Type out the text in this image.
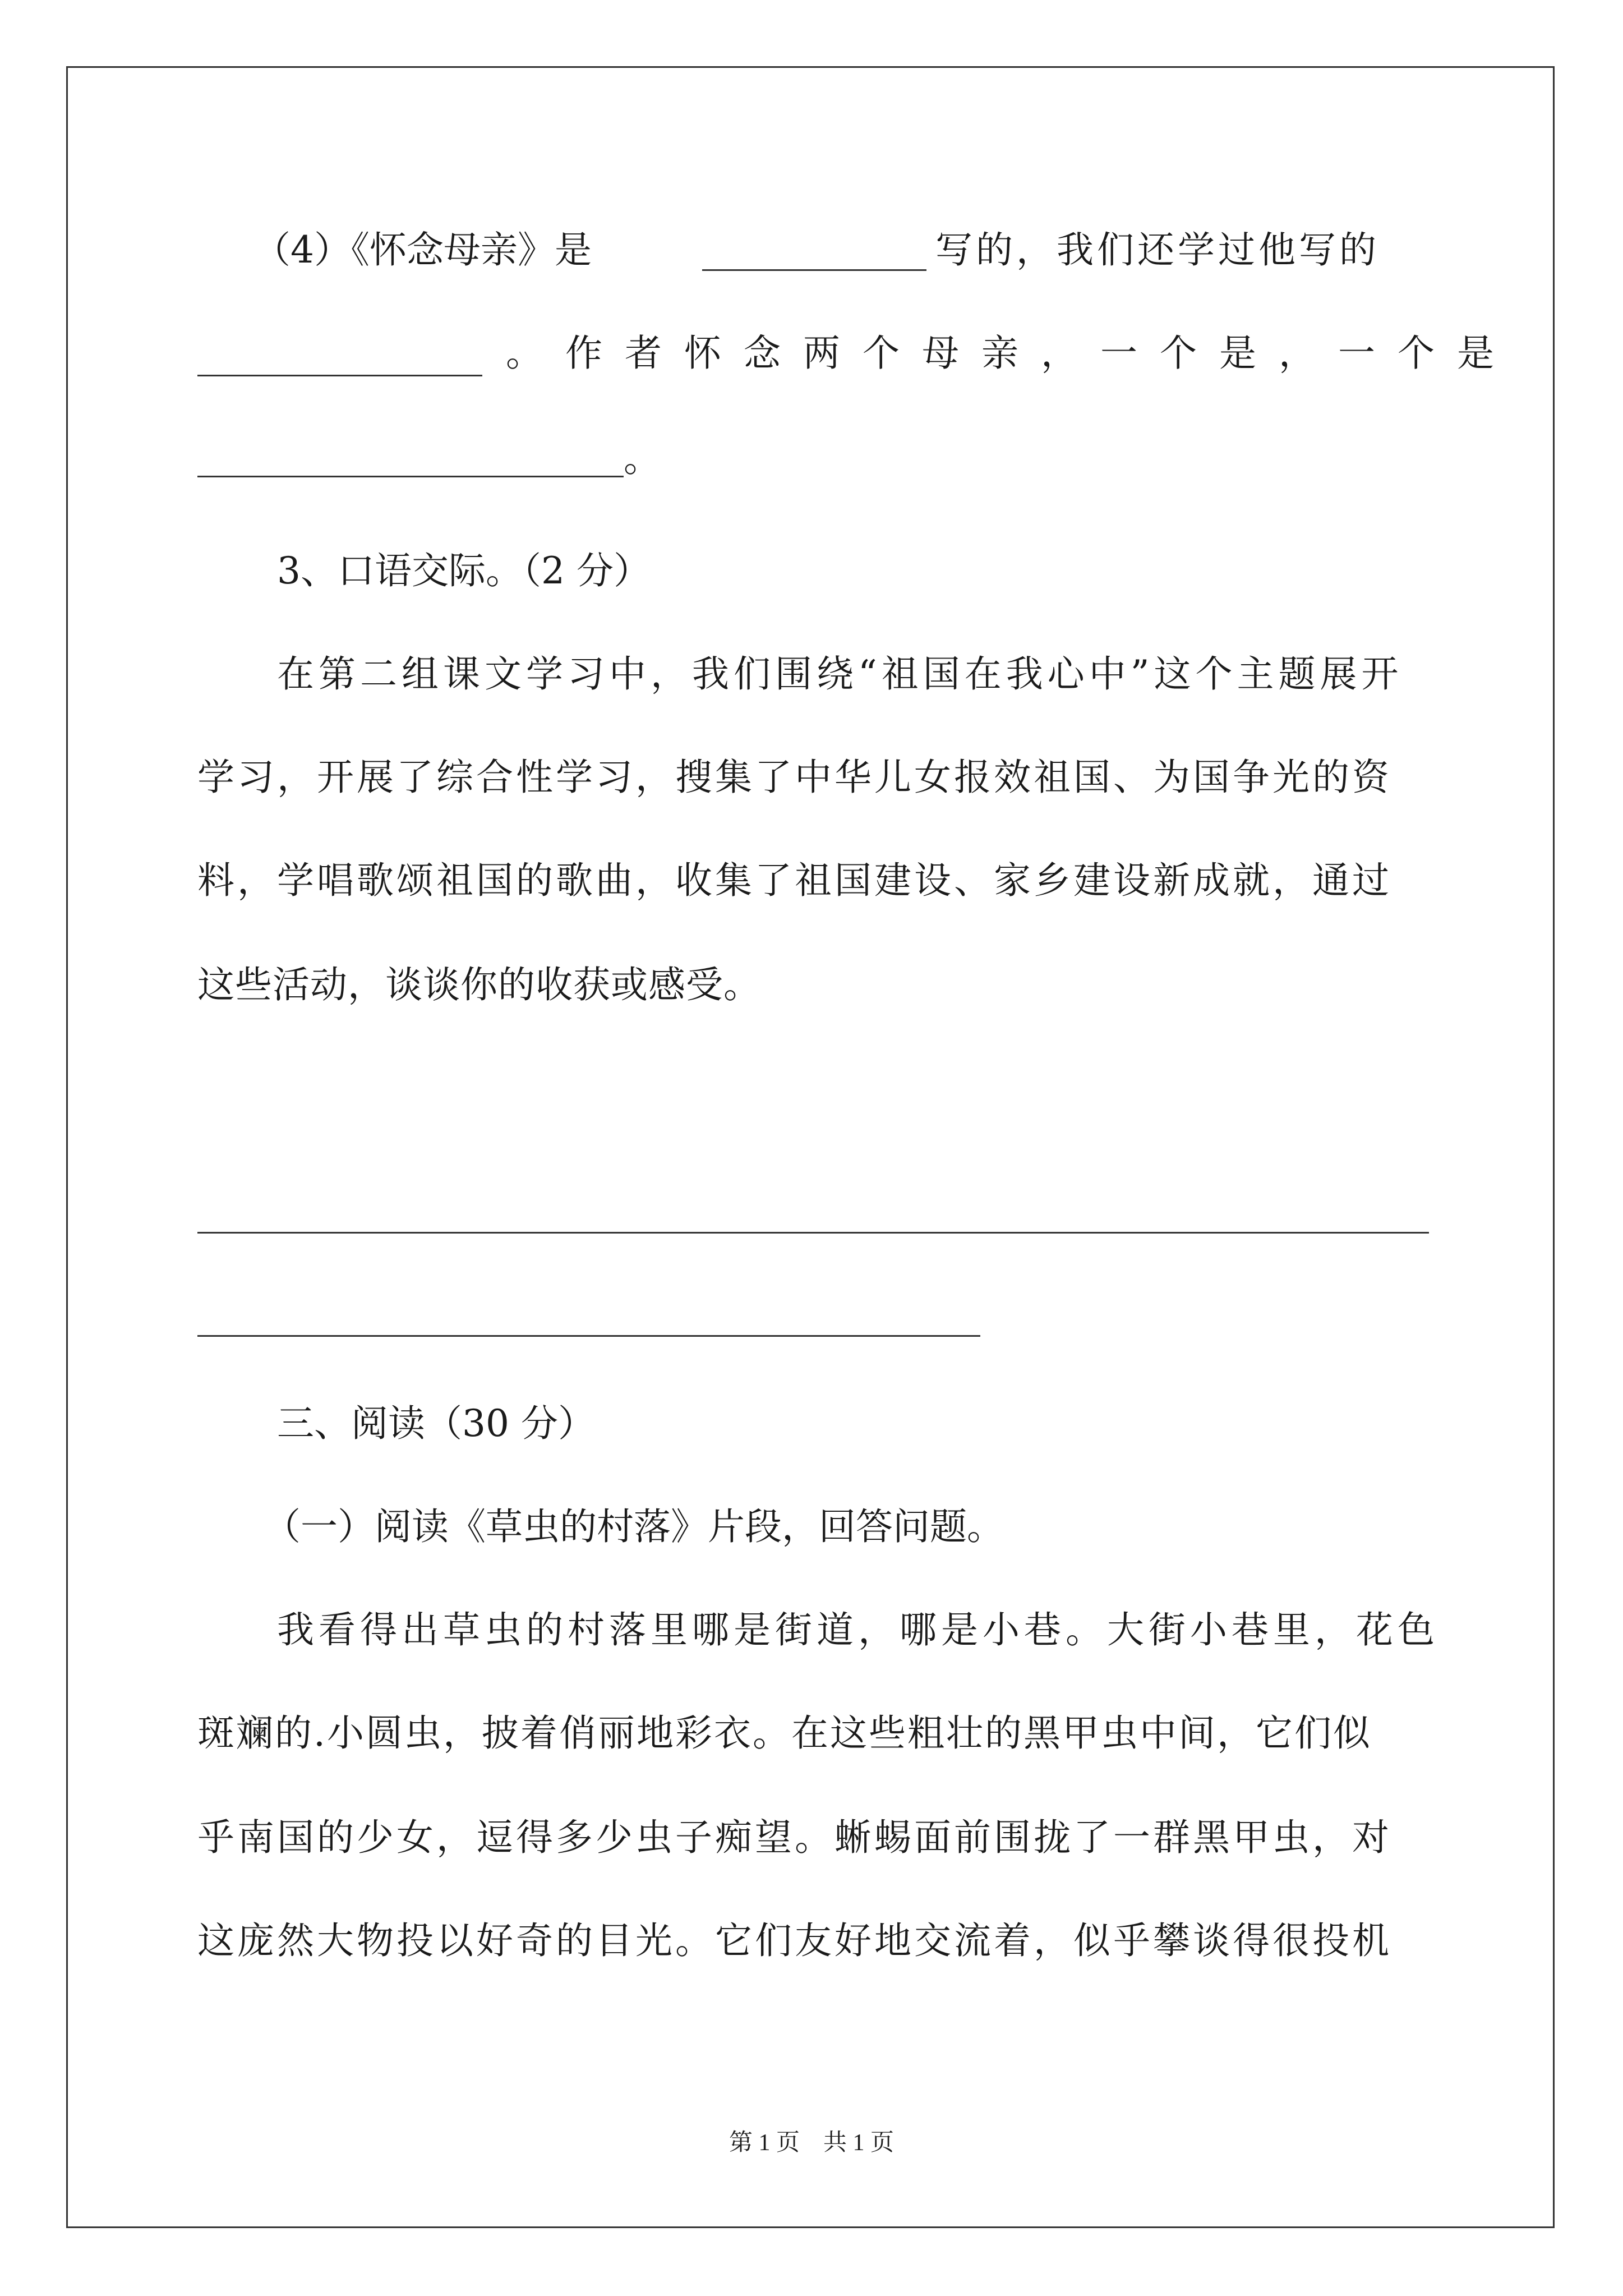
（4）《怀念母亲》是	写的，我们还学过他写的
。作者怀念两个母亲，一个是，一个是
。
3、口语交际。（2 分）
在第二组课文学习中，我们围绕“祖国在我心中”这个主题展开
学习，开展了综合性学习，搜集了中华儿女报效祖国、为国争光的资
料，学唱歌颂祖国的歌曲，收集了祖国建设、家乡建设新成就，通过
这些活动，谈谈你的收获或感受。
三、阅读（30 分）
（一）阅读《草虫的村落》片段，回答问题。
我看得出草虫的村落里哪是街道，哪是小巷。大街小巷里，花色
斑斓的.小圆虫，披着俏丽地彩衣。在这些粗壮的黑甲虫中间，它们似
乎南国的少女，逗得多少虫子痴望。蜥蜴面前围拢了一群黑甲虫，对
这庞然大物投以好奇的目光。它们友好地交流着，似乎攀谈得很投机
第 1 页　共 1 页
